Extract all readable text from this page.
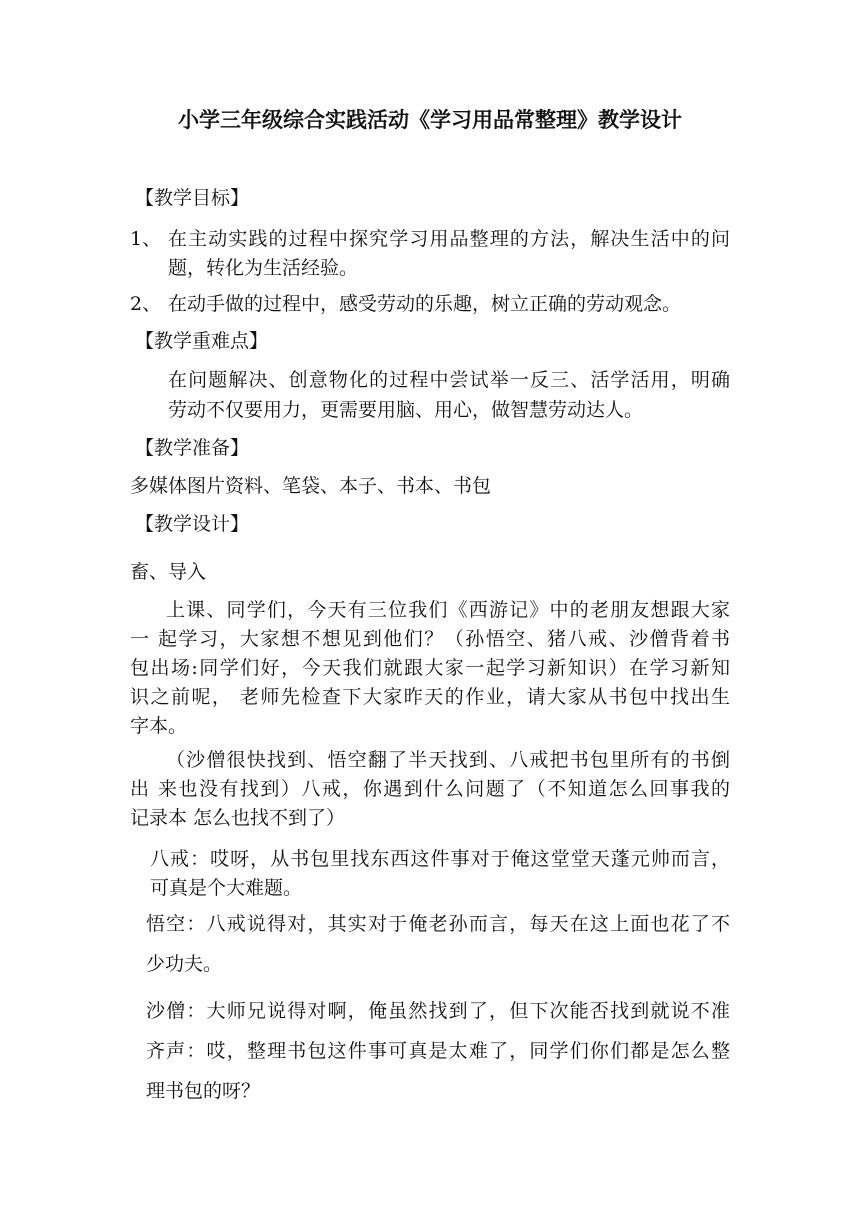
小学三年级综合实践活动《学习用品常整理》教学设计
【教学目标】
1、 在主动实践的过程中探究学习用品整理的方法，解决生活中的问
题，转化为生活经验。
2、 在动手做的过程中，感受劳动的乐趣，树立正确的劳动观念。
【教学重难点】
在问题解决、创意物化的过程中尝试举一反三、活学活用，明确
劳动不仅要用力，更需要用脑、用心，做智慧劳动达人。
【教学准备】
多媒体图片资料、笔袋、本子、书本、书包
【教学设计】
畜、导入
上课、同学们，今天有三位我们《西游记》中的老朋友想跟大家
一 起学习，大家想不想见到他们？（孙悟空、猪八戒、沙僧背着书
包出场:同学们好，今天我们就跟大家一起学习新知识）在学习新知
识之前呢， 老师先检查下大家昨天的作业，请大家从书包中找出生
字本。
（沙僧很快找到、悟空翻了半天找到、八戒把书包里所有的书倒
出 来也没有找到）八戒，你遇到什么问题了（不知道怎么回事我的
记录本 怎么也找不到了）
八戒：哎呀，从书包里找东西这件事对于俺这堂堂天蓬元帅而言，
可真是个大难题。
悟空：八戒说得对，其实对于俺老孙而言，每天在这上面也花了不
少功夫。
沙僧：大师兄说得对啊，俺虽然找到了，但下次能否找到就说不准
齐声：哎，整理书包这件事可真是太难了，同学们你们都是怎么整
理书包的呀？
